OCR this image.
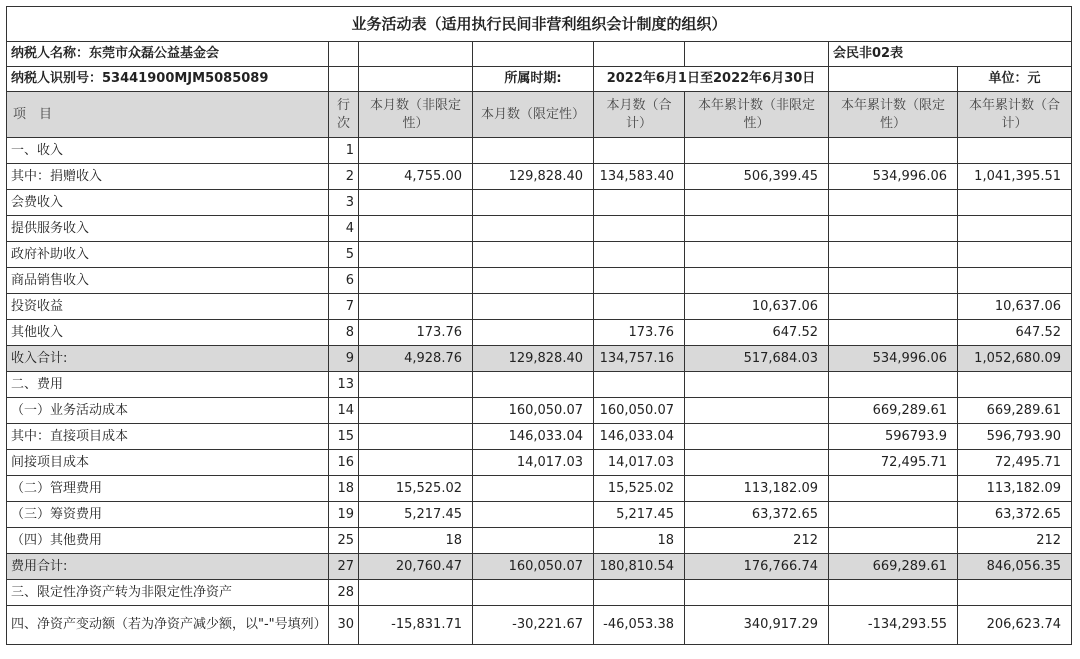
业务活动表（适用执行民间非营利组织会计制度的组织）							
纳税人名称：东莞市众磊公益基金会						会民非02表	
纳税人识别号：53441900MJM5085089			所属时期:	2022年6月1日至2022年6月30日			单位：元
项　目	行次	本月数（非限定性）	本月数（限定性）	本月数（合计）	本年累计数（非限定性）	本年累计数（限定性）	本年累计数（合计）
一、收入	1						
其中：捐赠收入	2	4,755.00	129,828.40	134,583.40	506,399.45	534,996.06	1,041,395.51
会费收入	3						
提供服务收入	4						
政府补助收入	5						
商品销售收入	6						
投资收益	7				10,637.06		10,637.06
其他收入	8	173.76		173.76	647.52		647.52
收入合计:	9	4,928.76	129,828.40	134,757.16	517,684.03	534,996.06	1,052,680.09
二、费用	13						
（一）业务活动成本	14		160,050.07	160,050.07		669,289.61	669,289.61
其中：直接项目成本	15		146,033.04	146,033.04		596793.9	596,793.90
间接项目成本	16		14,017.03	14,017.03		72,495.71	72,495.71
（二）管理费用	18	15,525.02		15,525.02	113,182.09		113,182.09
（三）筹资费用	19	5,217.45		5,217.45	63,372.65		63,372.65
（四）其他费用	25	18		18	212		212
费用合计:	27	20,760.47	160,050.07	180,810.54	176,766.74	669,289.61	846,056.35
三、限定性净资产转为非限定性净资产	28						
四、净资产变动额（若为净资产减少额，以"-"号填列）	30	-15,831.71	-30,221.67	-46,053.38	340,917.29	-134,293.55	206,623.74
